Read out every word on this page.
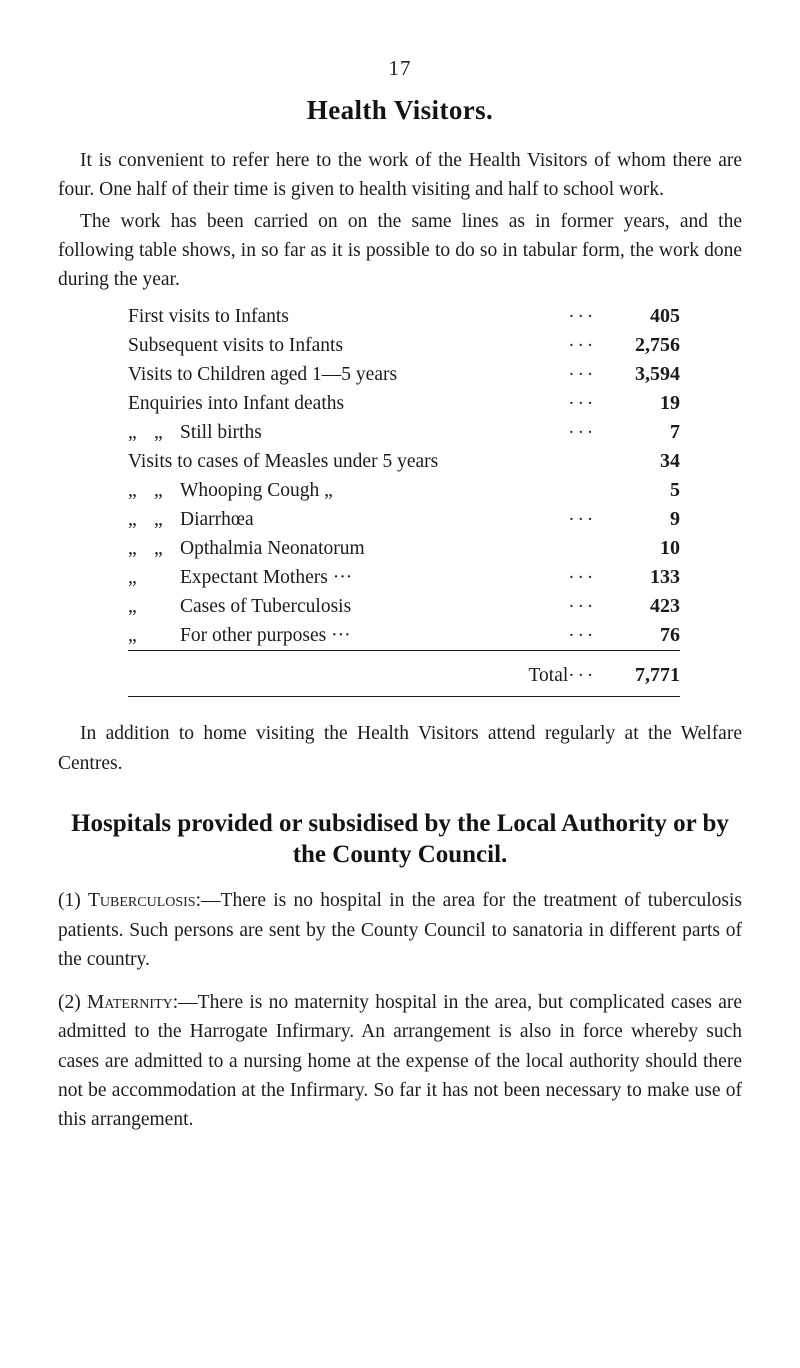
17
Health Visitors.

It is convenient to refer here to the work of the Health Visitors of whom there are four. One half of their time is given to health visiting and half to school work.

The work has been carried on on the same lines as in former years, and the following table shows, in so far as it is possible to do so in tabular form, the work done during the year.

First visits to Infants	···	405
Subsequent visits to Infants	···	2,756
Visits to Children aged 1—5 years	···	3,594
Enquiries into Infant deaths	···	19
„ „ Still births	···	7
Visits to cases of Measles under 5 years		34
„ „ Whooping Cough „		5
„ „ Diarrhœa	···	9
„ „ Opthalmia Neonatorum		10
„ Expectant Mothers ···	···	133
„ Cases of Tuberculosis	···	423
„ For other purposes ···	···	76

Total	···	7,771

In addition to home visiting the Health Visitors attend regularly at the Welfare Centres.

Hospitals provided or subsidised by the Local Authority or by the County Council.
(1) Tuberculosis:—There is no hospital in the area for the treatment of tuberculosis patients. Such persons are sent by the County Council to sanatoria in different parts of the country.
(2) Maternity:—There is no maternity hospital in the area, but complicated cases are admitted to the Harrogate Infirmary. An arrangement is also in force whereby such cases are admitted to a nursing home at the expense of the local authority should there not be accommodation at the Infirmary. So far it has not been necessary to make use of this arrangement.
